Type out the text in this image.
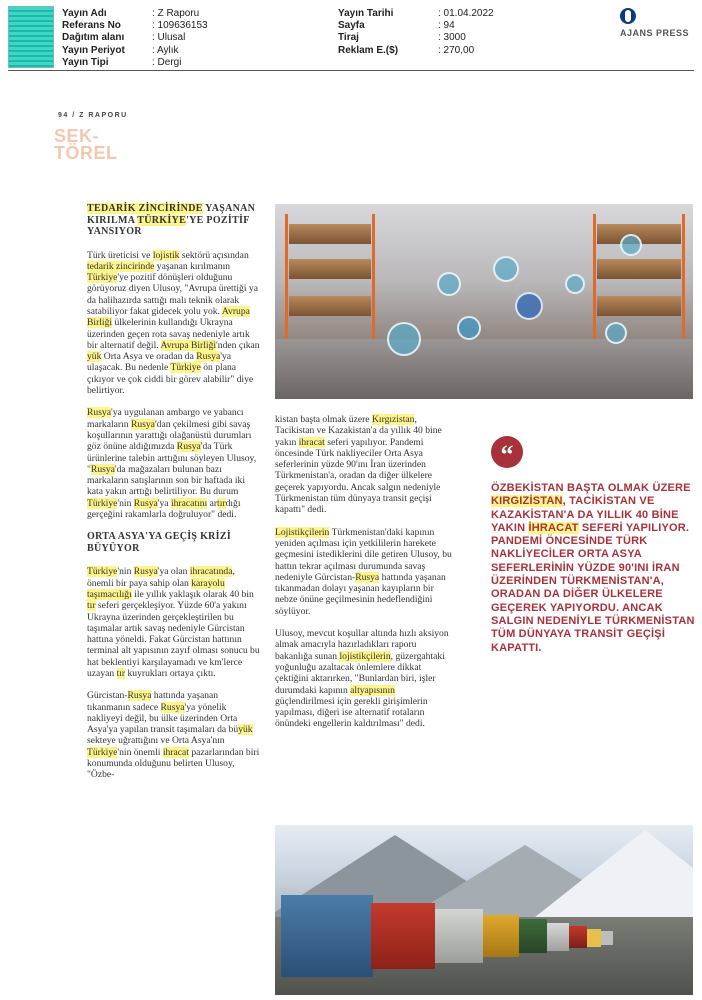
Yayın Adı	: Z Raporu
Referans No	: 109636153
Dağıtım alanı	: Ulusal
Yayın Periyot	: Aylık
Yayın Tipi	: Dergi
Yayın Tarihi	: 01.04.2022
Sayfa	: 94
Tiraj	: 3000
Reklam E.($)	: 270,00
AJANS PRESS
94 / Z RAPORU
SEK-
TÖREL
TEDARİK ZİNCİRİNDE YAŞANAN KIRILMA TÜRKİYE'YE POZİTİF YANSIYOR

Türk üreticisi ve lojistik sektörü açısından tedarik zincirinde yaşanan kırılmanın Türkiye'ye pozitif dönüşleri olduğunu görüyoruz diyen Ulusoy, "Avrupa ürettiği ya da halihazırda sattığı malı teknik olarak satabiliyor fakat gidecek yolu yok. Avrupa Birliği ülkelerinin kullandığı Ukrayna üzerinden geçen rota savaş nedeniyle artık bir alternatif değil. Avrupa Birliği'nden çıkan yük Orta Asya ve oradan da Rusya'ya ulaşacak. Bu nedenle Türkiye ön plana çıkıyor ve çok ciddi bir görev alabilir" diye belirtiyor.

Rusya'ya uygulanan ambargo ve yabancı markaların Rusya'dan çekilmesi gibi savaş koşullarının yarattığı olağanüstü durumları göz önüne aldığımızda Rusya'da Türk ürünlerine talebin arttığını söyleyen Ulusoy, "Rusya'da mağazaları bulunan bazı markaların satışlarının son bir haftada iki kata yakın arttığı belirtiliyor. Bu durum Türkiye'nin Rusya'ya ihracatını artırdığı gerçeğini rakamlarla doğruluyor" dedi.

ORTA ASYA'YA GEÇİŞ KRİZİ BÜYÜYOR

Türkiye'nin Rusya'ya olan ihracatında, önemli bir paya sahip olan karayolu taşımacılığı ile yıllık yaklaşık olarak 40 bin tır seferi gerçekleşiyor. Yüzde 60'a yakını Ukrayna üzerinden gerçekleştirilen bu taşımalar artık savaş nedeniyle Gürcistan hattına yöneldi. Fakat Gürcistan hattının terminal alt yapısının zayıf olması sonucu bu hat beklentiyi karşılayamadı ve km'lerce uzayan tır kuyrukları ortaya çıktı.

Gürcistan-Rusya hattında yaşanan tıkanmanın sadece Rusya'ya yönelik nakliyeyi değil, bu ülke üzerinden Orta Asya'ya yapılan transit taşımaları da büyük sekteye uğrattığını ve Orta Asya'nın Türkiye'nin önemli ihracat pazarlarından biri konumunda olduğunu belirten Ulusoy, "Özbe-

kistan başta olmak üzere Kırgızistan, Tacikistan ve Kazakistan'a da yıllık 40 bine yakın ihracat seferi yapılıyor. Pandemi öncesinde Türk nakliyeciler Orta Asya seferlerinin yüzde 90'ını İran üzerinden Türkmenistan'a, oradan da diğer ülkelere geçerek yapıyordu. Ancak salgın nedeniyle Türkmenistan tüm dünyaya transit geçişi kapattı" dedi.

Lojistikçilerin Türkmenistan'daki kapının yeniden açılması için yetkililerin harekete geçmesini istediklerini dile getiren Ulusoy, bu hattın tekrar açılması durumunda savaş nedeniyle Gürcistan-Rusya hattında yaşanan tıkanmadan dolayı yaşanan kayıpların bir nebze önüne geçilmesinin hedeflendiğini söylüyor.

Ulusoy, mevcut koşullar altında hızlı aksiyon almak amacıyla hazırladıkları raporu bakanlığa sunan lojistikçilerin, güzergahtaki yoğunluğu azaltacak önlemlere dikkat çektiğini aktarırken, "Bunlardan biri, işler durumdaki kapının altyapısının güçlendirilmesi için gerekli girişimlerin yapılması, diğeri ise alternatif rotaların önündeki engellerin kaldırılması" dedi.

“
ÖZBEKİSTAN BAŞTA OLMAK ÜZERE KIRGIZİSTAN, TACİKİSTAN VE KAZAKİSTAN'A DA YILLIK 40 BİNE YAKIN İHRACAT SEFERİ YAPILIYOR. PANDEMİ ÖNCESİNDE TÜRK NAKLİYECİLER ORTA ASYA SEFERLERİNİN YÜZDE 90'INI İRAN ÜZERİNDEN TÜRKMENİSTAN'A, ORADAN DA DİĞER ÜLKELERE GEÇEREK YAPIYORDU. ANCAK SALGIN NEDENİYLE TÜRKMENİSTAN TÜM DÜNYAYA TRANSİT GEÇİŞİ KAPATTI.
